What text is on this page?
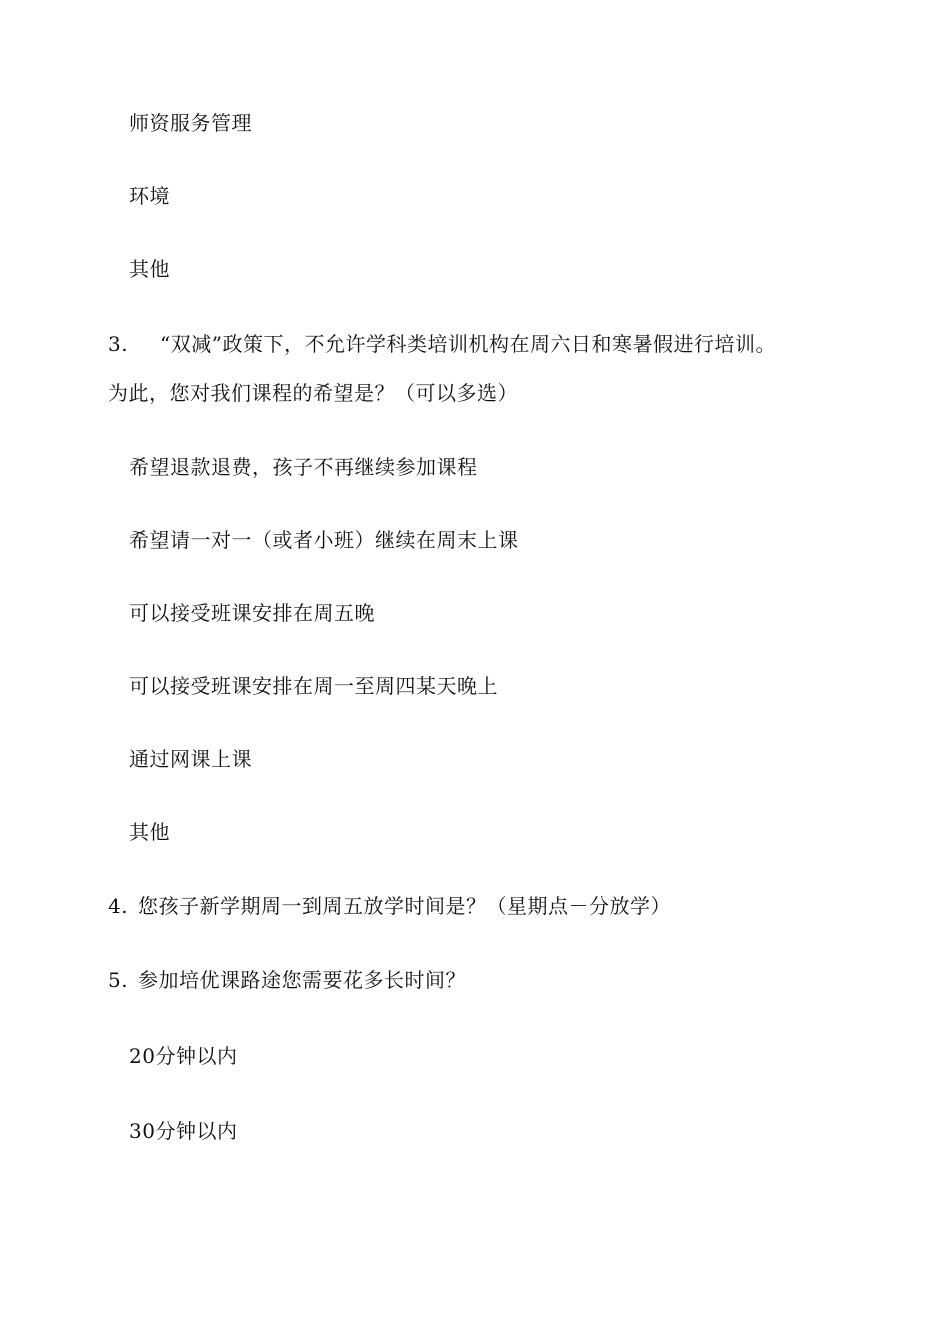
师资服务管理
环境
其他
3. “双减”政策下，不允许学科类培训机构在周六日和寒暑假进行培训。
为此，您对我们课程的希望是？（可以多选）
希望退款退费，孩子不再继续参加课程
希望请一对一（或者小班）继续在周末上课
可以接受班课安排在周五晚
可以接受班课安排在周一至周四某天晚上
通过网课上课
其他
4. 您孩子新学期周一到周五放学时间是？（星期点－分放学）
5. 参加培优课路途您需要花多长时间？
20分钟以内
30分钟以内
